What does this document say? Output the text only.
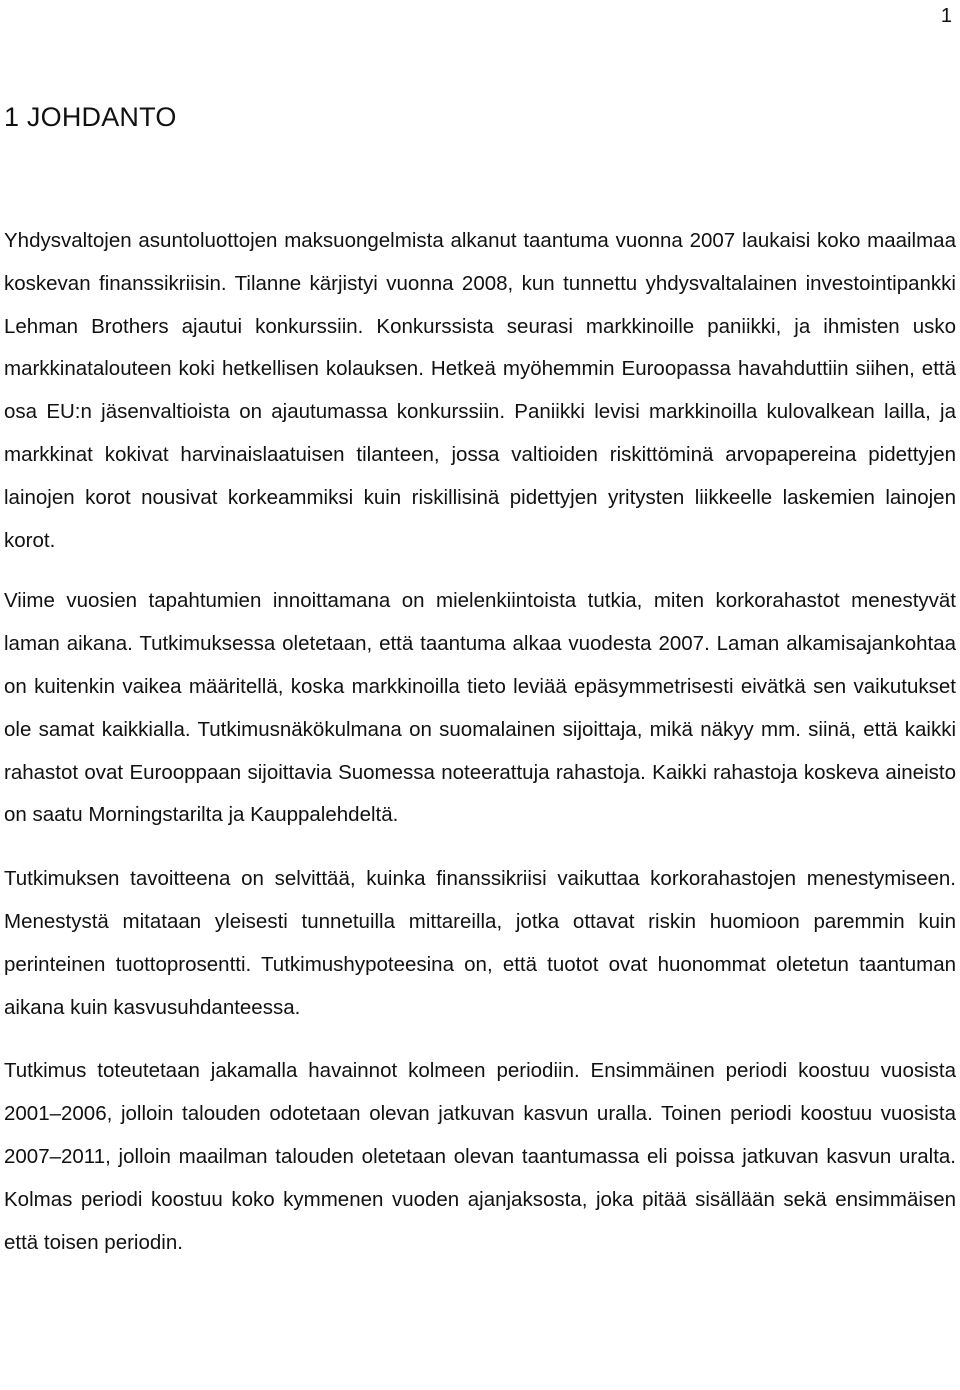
1
1 JOHDANTO

Yhdysvaltojen asuntoluottojen maksuongelmista alkanut taantuma vuonna 2007 laukaisi koko maailmaa koskevan finanssikriisin. Tilanne kärjistyi vuonna 2008, kun tunnettu yhdysvaltalainen investointipankki Lehman Brothers ajautui konkurssiin. Konkurssista seurasi markkinoille paniikki, ja ihmisten usko markkinatalouteen koki hetkellisen kolauksen. Hetkeä myöhemmin Euroopassa havahduttiin siihen, että osa EU:n jäsenvaltioista on ajautumassa konkurssiin. Paniikki levisi markkinoilla kulovalkean lailla, ja markkinat kokivat harvinaislaatuisen tilanteen, jossa valtioiden riskittöminä arvopapereina pidettyjen lainojen korot nousivat korkeammiksi kuin riskillisinä pidettyjen yritysten liikkeelle laskemien lainojen korot.

Viime vuosien tapahtumien innoittamana on mielenkiintoista tutkia, miten korkorahastot menestyvät laman aikana. Tutkimuksessa oletetaan, että taantuma alkaa vuodesta 2007. Laman alkamisajankohtaa on kuitenkin vaikea määritellä, koska markkinoilla tieto leviää epäsymmetrisesti eivätkä sen vaikutukset ole samat kaikkialla. Tutkimusnäkökulmana on suomalainen sijoittaja, mikä näkyy mm. siinä, että kaikki rahastot ovat Eurooppaan sijoittavia Suomessa noteerattuja rahastoja. Kaikki rahastoja koskeva aineisto on saatu Morningstarilta ja Kauppalehdeltä.

Tutkimuksen tavoitteena on selvittää, kuinka finanssikriisi vaikuttaa korkorahastojen menestymiseen. Menestystä mitataan yleisesti tunnetuilla mittareilla, jotka ottavat riskin huomioon paremmin kuin perinteinen tuottoprosentti. Tutkimushypoteesina on, että tuotot ovat huonommat oletetun taantuman aikana kuin kasvusuhdanteessa.

Tutkimus toteutetaan jakamalla havainnot kolmeen periodiin. Ensimmäinen periodi koostuu vuosista 2001–2006, jolloin talouden odotetaan olevan jatkuvan kasvun uralla. Toinen periodi koostuu vuosista 2007–2011, jolloin maailman talouden oletetaan olevan taantumassa eli poissa jatkuvan kasvun uralta. Kolmas periodi koostuu koko kymmenen vuoden ajanjaksosta, joka pitää sisällään sekä ensimmäisen että toisen periodin.
